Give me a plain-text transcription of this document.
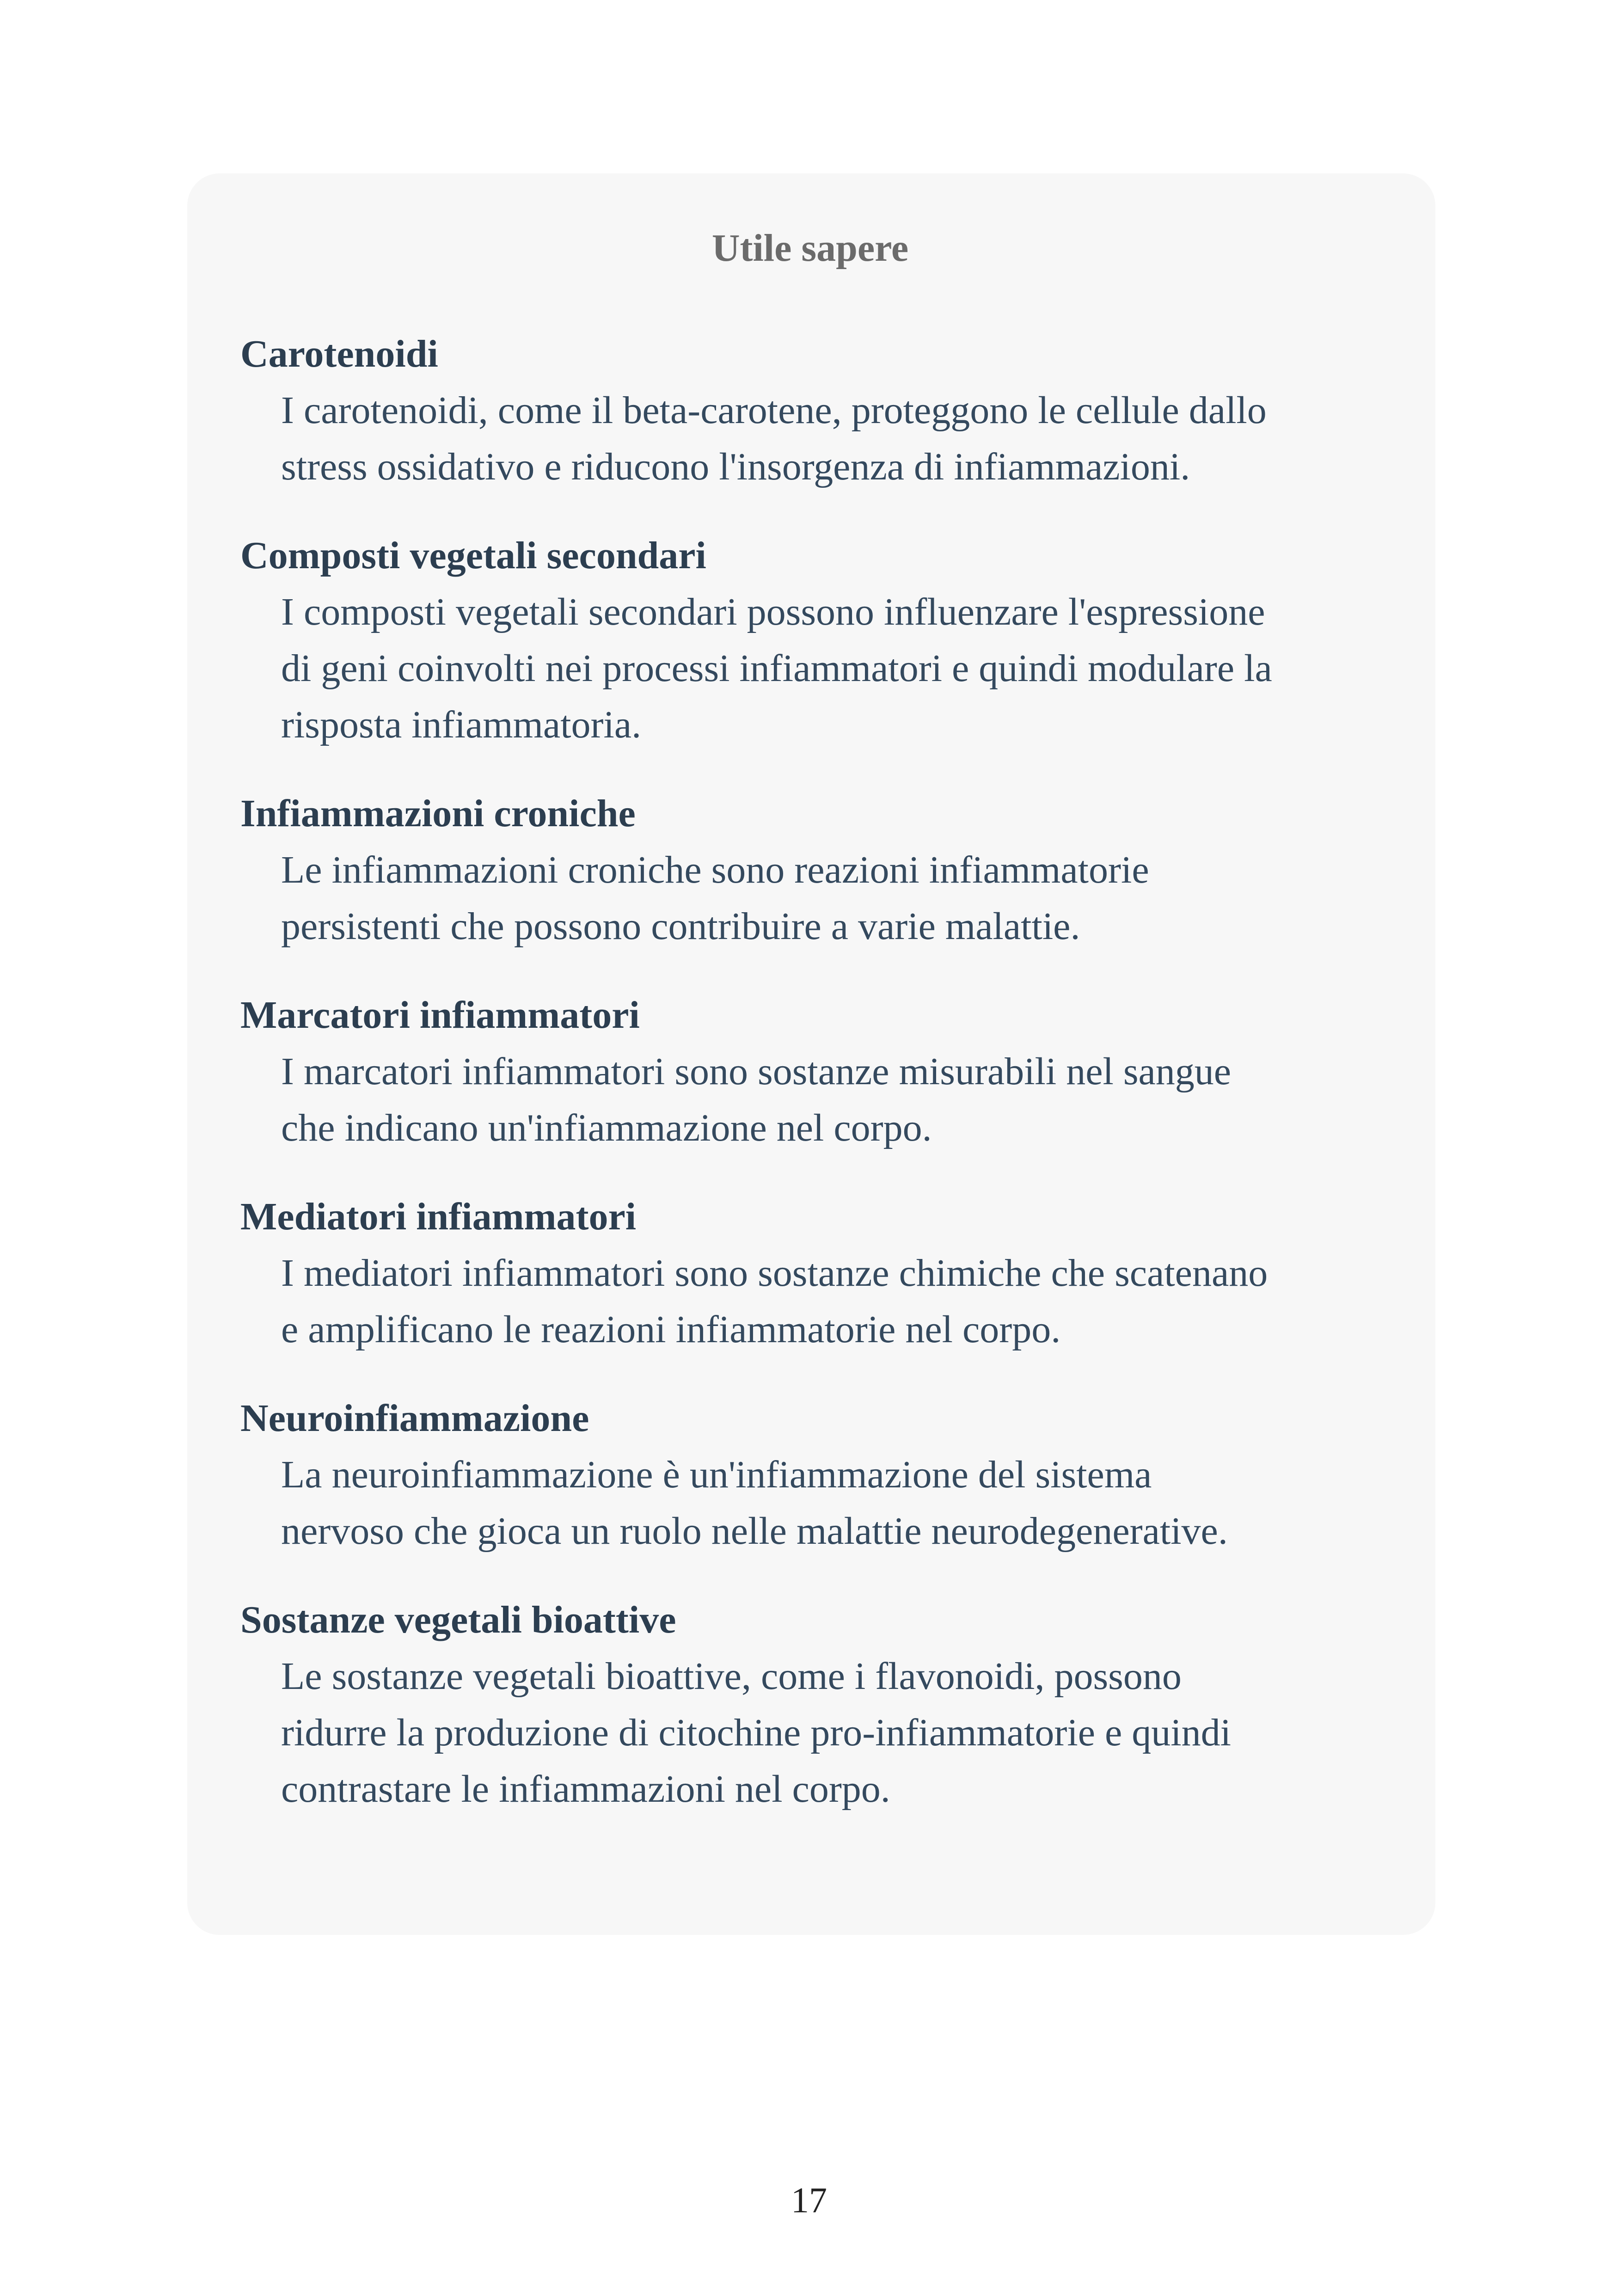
Utile sapere

Carotenoidi

I carotenoidi, come il beta-carotene, proteggono le cellule dallo
stress ossidativo e riducono l'insorgenza di infiammazioni.

Composti vegetali secondari

I composti vegetali secondari possono influenzare l'espressione
di geni coinvolti nei processi infiammatori e quindi modulare la
risposta infiammatoria.

Infiammazioni croniche

Le infiammazioni croniche sono reazioni infiammatorie
persistenti che possono contribuire a varie malattie.

Marcatori infiammatori

I marcatori infiammatori sono sostanze misurabili nel sangue
che indicano un'infiammazione nel corpo.

Mediatori infiammatori

I mediatori infiammatori sono sostanze chimiche che scatenano
e amplificano le reazioni infiammatorie nel corpo.

Neuroinfiammazione

La neuroinfiammazione è un'infiammazione del sistema
nervoso che gioca un ruolo nelle malattie neurodegenerative.

Sostanze vegetali bioattive

Le sostanze vegetali bioattive, come i flavonoidi, possono
ridurre la produzione di citochine pro-infiammatorie e quindi
contrastare le infiammazioni nel corpo.

17
